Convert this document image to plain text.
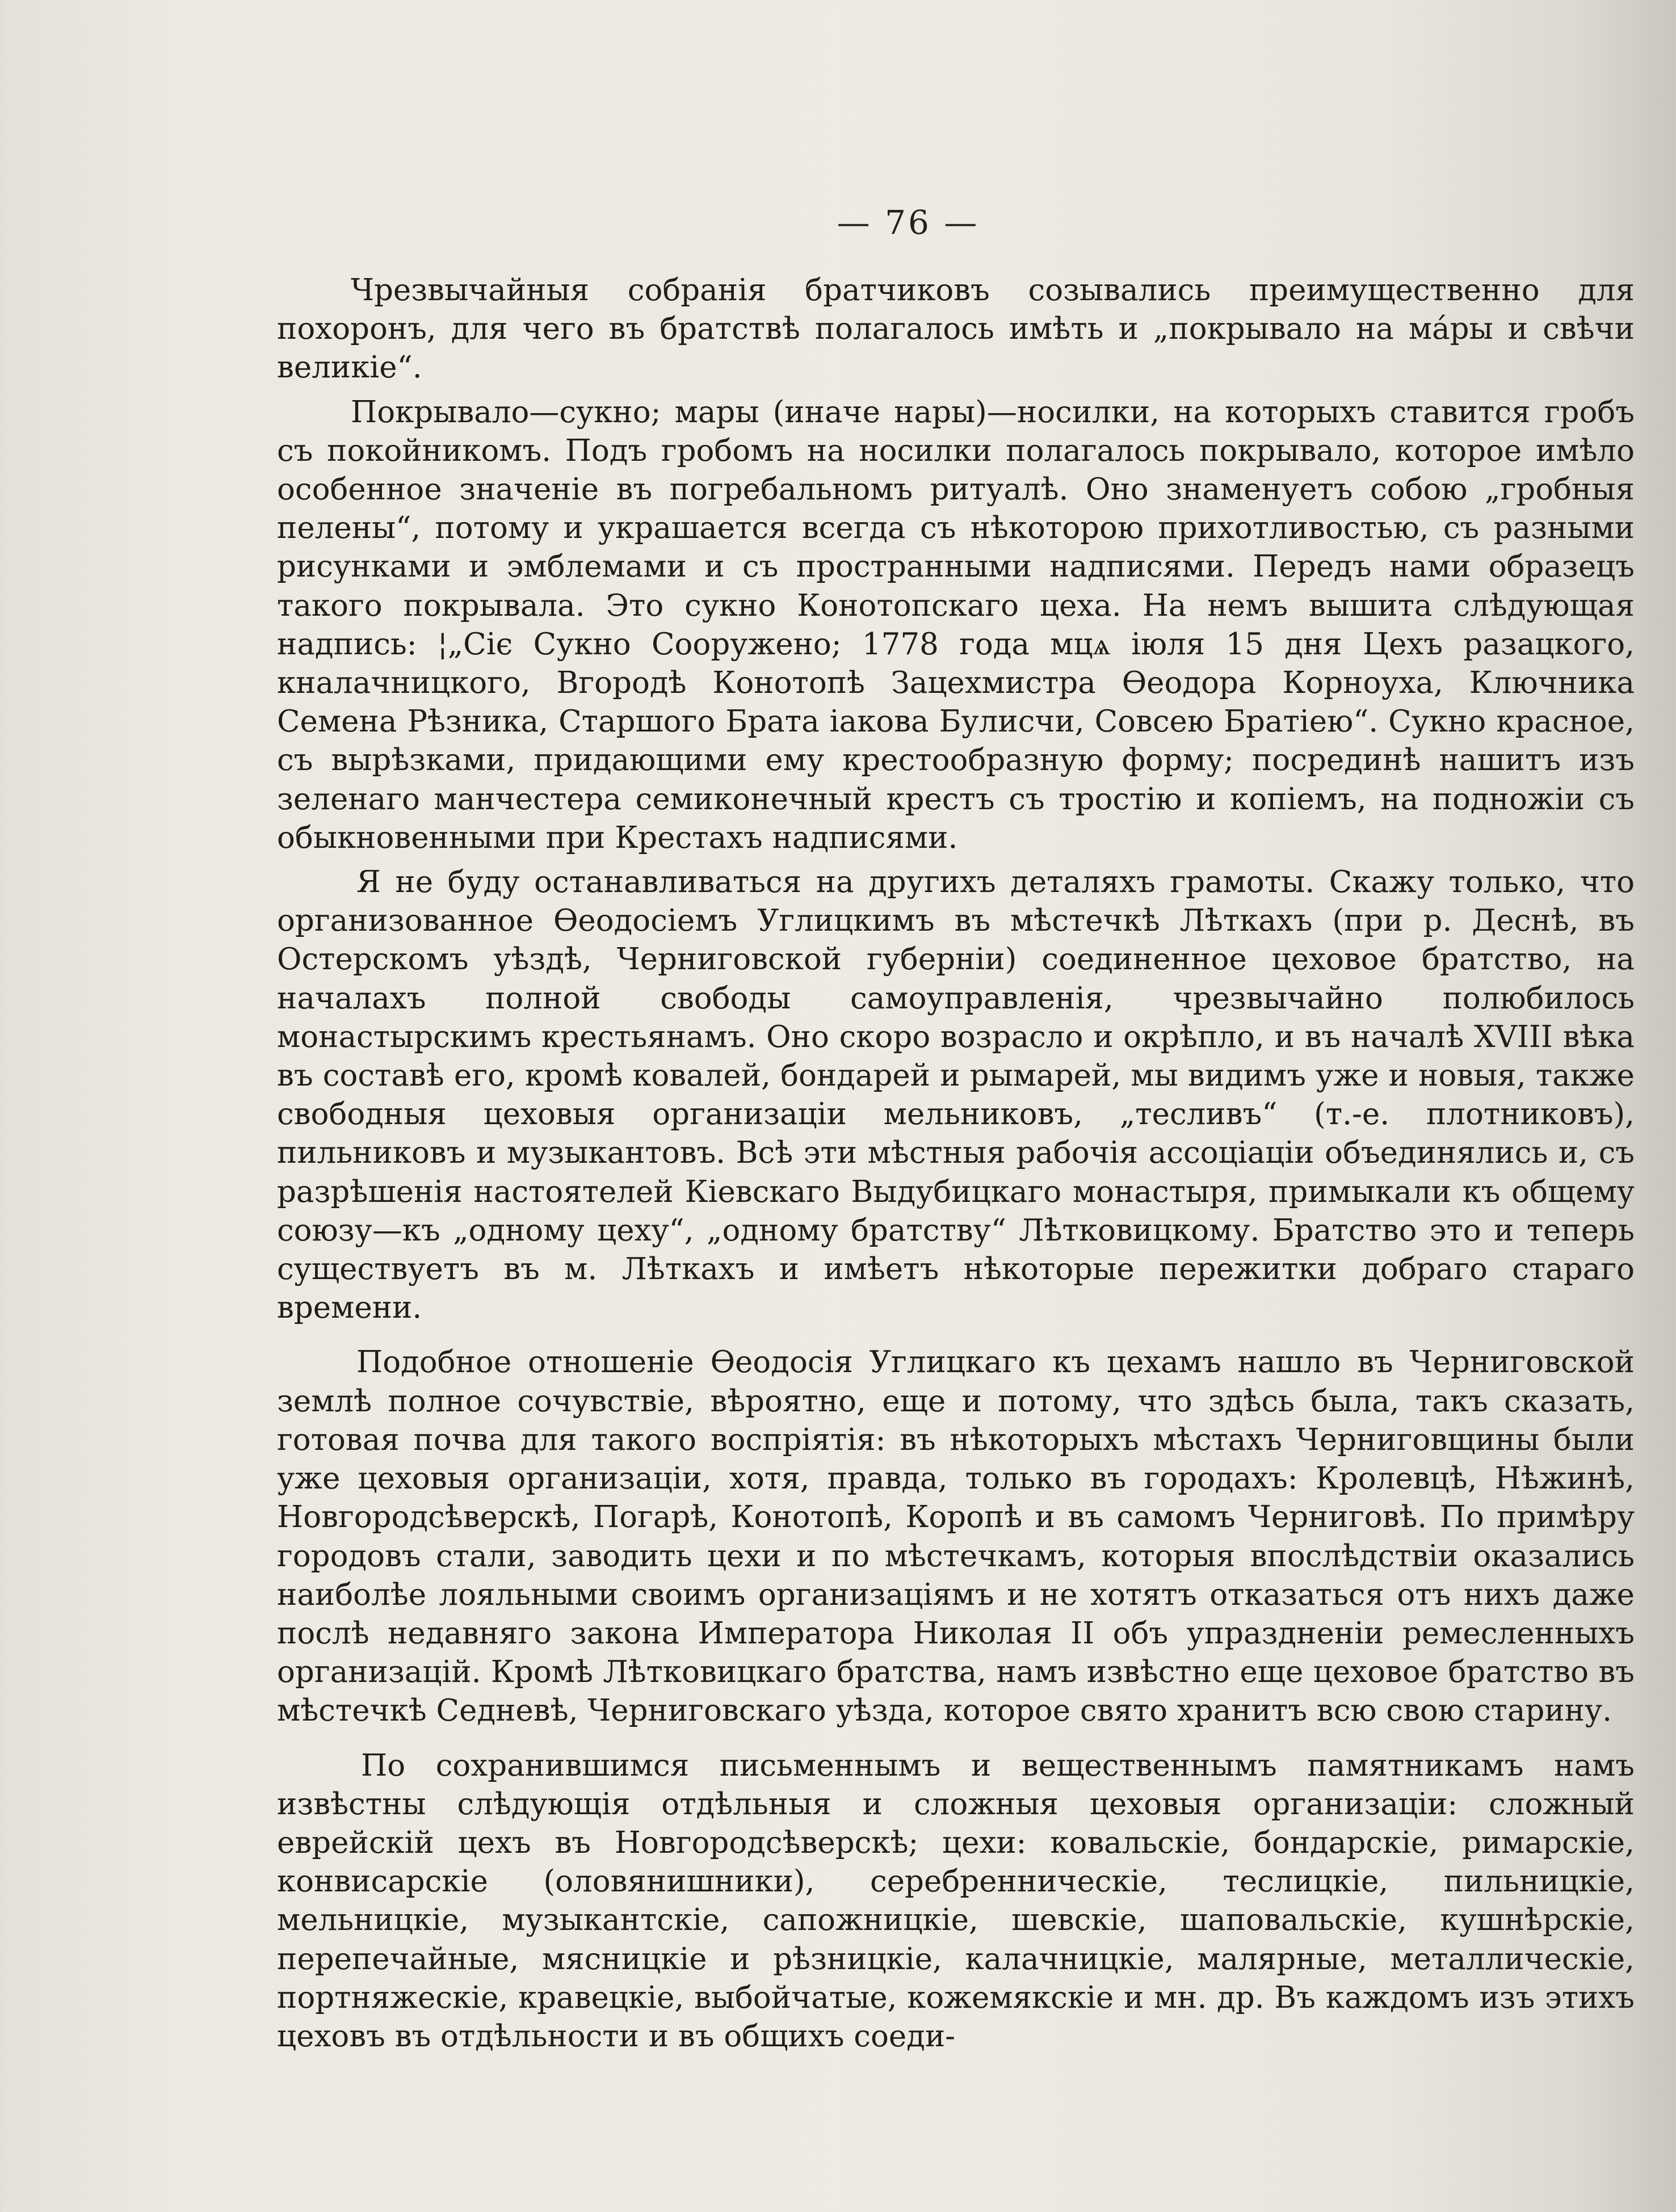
— 76 —

Чрезвычайныя собранія братчиковъ созывались преимущественно для похоронъ, для чего въ братствѣ полагалось имѣть и „покрывало на мáры и свѣчи великіе“.

Покрывало—сукно; мары (иначе нары)—носилки, на которыхъ ставится гробъ съ покойникомъ. Подъ гробомъ на носилки полагалось покрывало, которое имѣло особенное значеніе въ погребальномъ ритуалѣ. Оно знаменуетъ собою „гробныя пелены“, потому и украшается всегда съ нѣкоторою прихотливостью, съ разными рисунками и эмблемами и съ пространными надписями. Передъ нами образецъ такого покрывала. Это сукно Конотопскаго цеха. На немъ вышита слѣдующая надпись: ¦„Сіє Сукно Сооружено; 1778 года мцѧ іюля 15 дня Цехъ разацкого, кналачницкого, Вгородѣ Конотопѣ Зацехмистра Өеодора Корноуха, Ключника Семена Рѣзника, Старшого Брата іакова Булисчи, Совсею Братіею“. Сукно красное, съ вырѣзками, придающими ему крестообразную форму; посрединѣ нашитъ изъ зеленаго манчестера семиконечный крестъ съ тростію и копіемъ, на подножіи съ обыкновенными при Крестахъ надписями.

Я не буду останавливаться на другихъ деталяхъ грамоты. Скажу только, что организованное Өеодосіемъ Углицкимъ въ мѣстечкѣ Лѣткахъ (при р. Деснѣ, въ Остерскомъ уѣздѣ, Черниговской губерніи) соединенное цеховое братство, на началахъ полной свободы самоуправленія, чрезвычайно полюбилось монастырскимъ крестьянамъ. Оно скоро возрасло и окрѣпло, и въ началѣ XVIII вѣка въ составѣ его, кромѣ ковалей, бондарей и рымарей, мы видимъ уже и новыя, также свободныя цеховыя организаціи мельниковъ, „тесливъ“ (т.-е. плотниковъ), пильниковъ и музыкантовъ. Всѣ эти мѣстныя рабочія ассоціаціи объединялись и, съ разрѣшенія настоятелей Кіевскаго Выдубицкаго монастыря, примыкали къ общему союзу—къ „одному цеху“, „одному братству“ Лѣтковицкому. Братство это и теперь существуетъ въ м. Лѣткахъ и имѣетъ нѣкоторые пережитки добраго стараго времени.

Подобное отношеніе Өеодосія Углицкаго къ цехамъ нашло въ Черниговской землѣ полное сочувствіе, вѣроятно, еще и потому, что здѣсь была, такъ сказать, готовая почва для такого воспріятія: въ нѣкоторыхъ мѣстахъ Черниговщины были уже цеховыя организаціи, хотя, правда, только въ городахъ: Кролевцѣ, Нѣжинѣ, Новгородсѣверскѣ, Погарѣ, Конотопѣ, Коропѣ и въ самомъ Черниговѣ. По примѣру городовъ стали, заводить цехи и по мѣстечкамъ, которыя впослѣдствіи оказались наиболѣе лояльными своимъ организаціямъ и не хотятъ отказаться отъ нихъ даже послѣ недавняго закона Императора Николая II объ упраздненіи ремесленныхъ организацій. Кромѣ Лѣтковицкаго братства, намъ извѣстно еще цеховое братство въ мѣстечкѣ Седневѣ, Черниговскаго уѣзда, которое свято хранитъ всю свою старину.

По сохранившимся письменнымъ и вещественнымъ памятникамъ намъ извѣстны слѣдующія отдѣльныя и сложныя цеховыя организаціи: сложный еврейскій цехъ въ Новгородсѣверскѣ; цехи: ковальскіе, бондарскіе, римарскіе, конвисарскіе (оловянишники), серебренническіе, теслицкіе, пильницкіе, мельницкіе, музыкантскіе, сапожницкіе, шевскіе, шаповальскіе, кушнѣрскіе, перепечайные, мясницкіе и рѣзницкіе, калачницкіе, малярные, металлическіе, портняжескіе, кравецкіе, выбойчатые, кожемякскіе и мн. др. Въ каждомъ изъ этихъ цеховъ въ отдѣльности и въ общихъ соеди-
